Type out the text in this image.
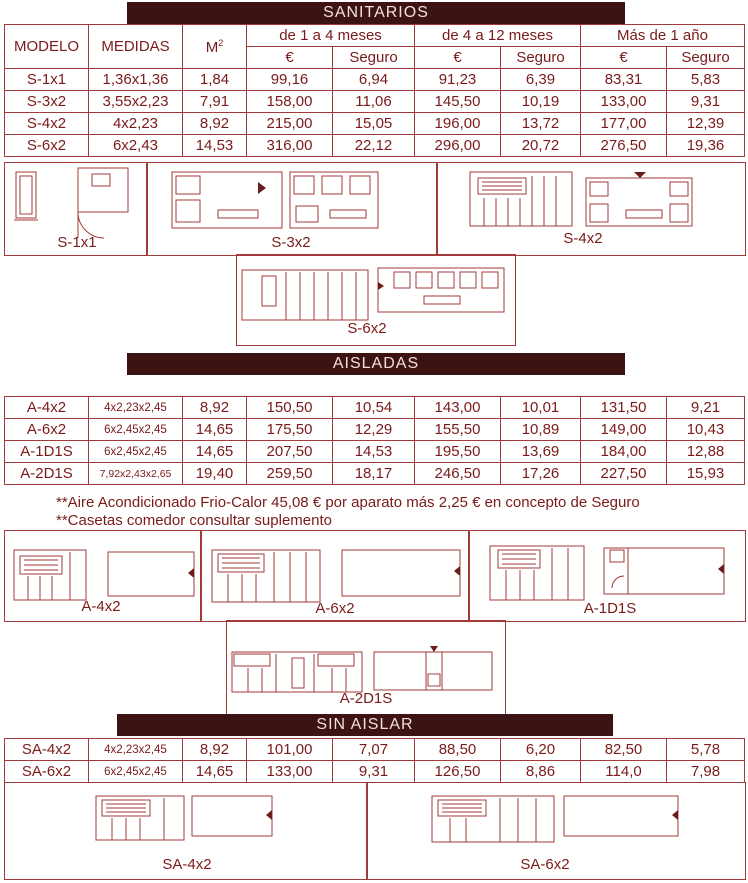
SANITARIOS
MODELO	MEDIDAS	$M^2$	de 1 a 4 meses		de 4 a 12 meses		Más de 1 año	
			€	Seguro	€	Seguro	€	Seguro
S-1x1	1,36x1,36	1,84	99,16	6,94	91,23	6,39	83,31	5,83
S-3x2	3,55x2,23	7,91	158,00	11,06	145,50	10,19	133,00	9,31
S-4x2	4x2,23	8,92	215,00	15,05	196,00	13,72	177,00	12,39
S-6x2	6x2,43	14,53	316,00	22,12	296,00	20,72	276,50	19,36
S-1x1	S-3x2	S-4x2
S-6x2
AISLADAS
A-4x2	4x2,23x2,45	8,92	150,50	10,54	143,00	10,01	131,50	9,21
A-6x2	6x2,45x2,45	14,65	175,50	12,29	155,50	10,89	149,00	10,43
A-1D1S	6x2,45x2,45	14,65	207,50	14,53	195,50	13,69	184,00	12,88
A-2D1S	7,92x2,43x2,65	19,40	259,50	18,17	246,50	17,26	227,50	15,93
**Aire Acondicionado Frio-Calor 45,08 € por aparato más 2,25 € en concepto de Seguro
**Casetas comedor consultar suplemento
A-4x2	A-6x2	A-1D1S
A-2D1S
SIN AISLAR
SA-4x2	4x2,23x2,45	8,92	101,00	7,07	88,50	6,20	82,50	5,78
SA-6x2	6x2,45x2,45	14,65	133,00	9,31	126,50	8,86	114,0	7,98
SA-4x2	SA-6x2
